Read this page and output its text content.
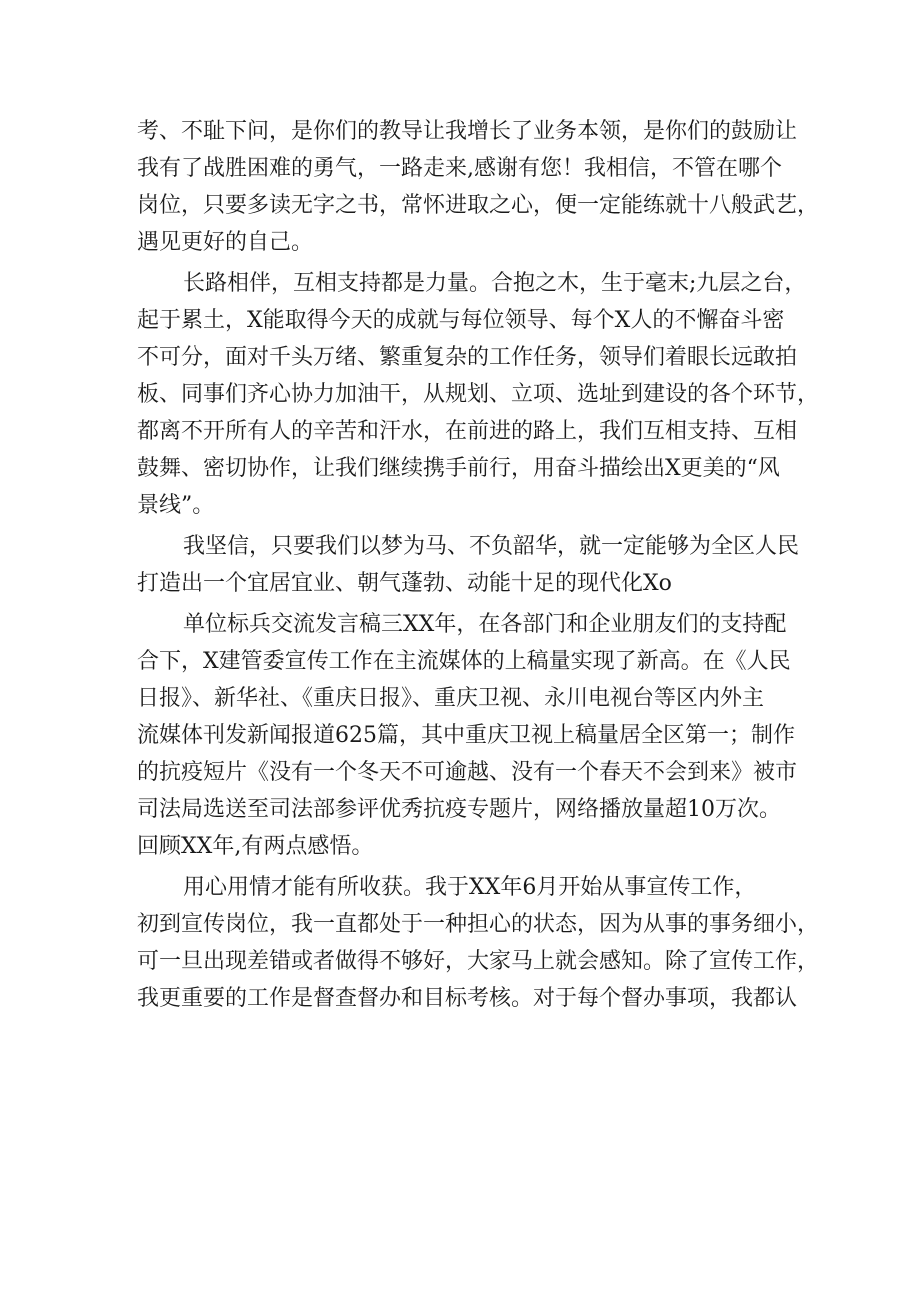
考、不耻下问，是你们的教导让我增长了业务本领，是你们的鼓励让
我有了战胜困难的勇气，一路走来,感谢有您！我相信，不管在哪个
岗位，只要多读无字之书，常怀进取之心，便一定能练就十八般武艺，
遇见更好的自己。
长路相伴，互相支持都是力量。合抱之木，生于毫末;九层之台，
起于累土，X能取得今天的成就与每位领导、每个X人的不懈奋斗密
不可分，面对千头万绪、繁重复杂的工作任务，领导们着眼长远敢拍
板、同事们齐心协力加油干，从规划、立项、选址到建设的各个环节，
都离不开所有人的辛苦和汗水，在前进的路上，我们互相支持、互相
鼓舞、密切协作，让我们继续携手前行，用奋斗描绘出X更美的“风
景线”。
我坚信，只要我们以梦为马、不负韶华，就一定能够为全区人民
打造出一个宜居宜业、朝气蓬勃、动能十足的现代化Xo
单位标兵交流发言稿三XX年，在各部门和企业朋友们的支持配
合下，X建管委宣传工作在主流媒体的上稿量实现了新高。在《人民
日报》、新华社、《重庆日报》、重庆卫视、永川电视台等区内外主
流媒体刊发新闻报道625篇，其中重庆卫视上稿量居全区第一；制作
的抗疫短片《没有一个冬天不可逾越、没有一个春天不会到来》被市
司法局选送至司法部参评优秀抗疫专题片，网络播放量超10万次。
回顾XX年,有两点感悟。
用心用情才能有所收获。我于XX年6月开始从事宣传工作，
初到宣传岗位，我一直都处于一种担心的状态，因为从事的事务细小，
可一旦出现差错或者做得不够好，大家马上就会感知。除了宣传工作，
我更重要的工作是督查督办和目标考核。对于每个督办事项，我都认
